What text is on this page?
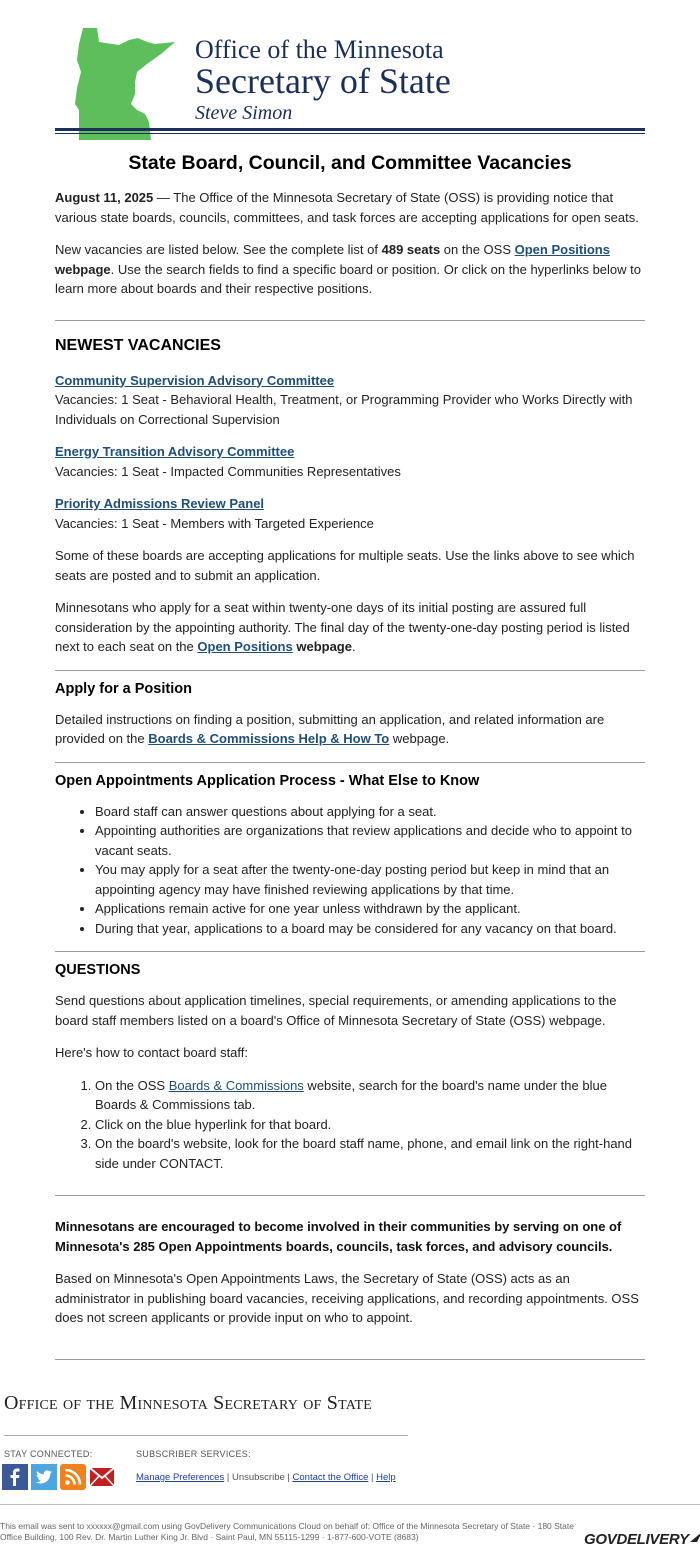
Office of the Minnesota
Secretary of State
Steve Simon
State Board, Council, and Committee Vacancies

August 11, 2025 — The Office of the Minnesota Secretary of State (OSS) is providing notice that various state boards, councils, committees, and task forces are accepting applications for open seats.

New vacancies are listed below. See the complete list of 489 seats on the OSS Open Positions webpage. Use the search fields to find a specific board or position. Or click on the hyperlinks below to learn more about boards and their respective positions.

NEWEST VACANCIES
Community Supervision Advisory Committee

Vacancies: 1 Seat - Behavioral Health, Treatment, or Programming Provider who Works Directly with Individuals on Correctional Supervision

Energy Transition Advisory Committee

Vacancies: 1 Seat - Impacted Communities Representatives

Priority Admissions Review Panel

Vacancies: 1 Seat - Members with Targeted Experience

Some of these boards are accepting applications for multiple seats. Use the links above to see which seats are posted and to submit an application.

Minnesotans who apply for a seat within twenty-one days of its initial posting are assured full consideration by the appointing authority. The final day of the twenty-one-day posting period is listed next to each seat on the Open Positions webpage.

Apply for a Position

Detailed instructions on finding a position, submitting an application, and related information are provided on the Boards & Commissions Help & How To webpage.

Open Appointments Application Process - What Else to Know
• Board staff can answer questions about applying for a seat.
• Appointing authorities are organizations that review applications and decide who to appoint to vacant seats.
• You may apply for a seat after the twenty-one-day posting period but keep in mind that an appointing agency may have finished reviewing applications by that time.
• Applications remain active for one year unless withdrawn by the applicant.
• During that year, applications to a board may be considered for any vacancy on that board.
QUESTIONS

Send questions about application timelines, special requirements, or amending applications to the board staff members listed on a board's Office of Minnesota Secretary of State (OSS) webpage.

Here's how to contact board staff:

1. On the OSS Boards & Commissions website, search for the board's name under the blue Boards & Commissions tab.
2. Click on the blue hyperlink for that board.
3. On the board's website, look for the board staff name, phone, and email link on the right-hand side under CONTACT.

Minnesotans are encouraged to become involved in their communities by serving on one of Minnesota's 285 Open Appointments boards, councils, task forces, and advisory councils.

Based on Minnesota's Open Appointments Laws, the Secretary of State (OSS) acts as an administrator in publishing board vacancies, receiving applications, and recording appointments. OSS does not screen applicants or provide input on who to appoint.

Office of the Minnesota Secretary of State
STAY CONNECTED:	SUBSCRIBER SERVICES:
Manage Preferences | Unsubscribe | Contact the Office | Help
This email was sent to xxxxxx@gmail.com using GovDelivery Communications Cloud on behalf of: Office of the Minnesota Secretary of State · 180 State Office Building, 100 Rev. Dr. Martin Luther King Jr. Blvd · Saint Paul, MN 55115-1299 · 1-877-600-VOTE (8683)	GOVDELIVERY
